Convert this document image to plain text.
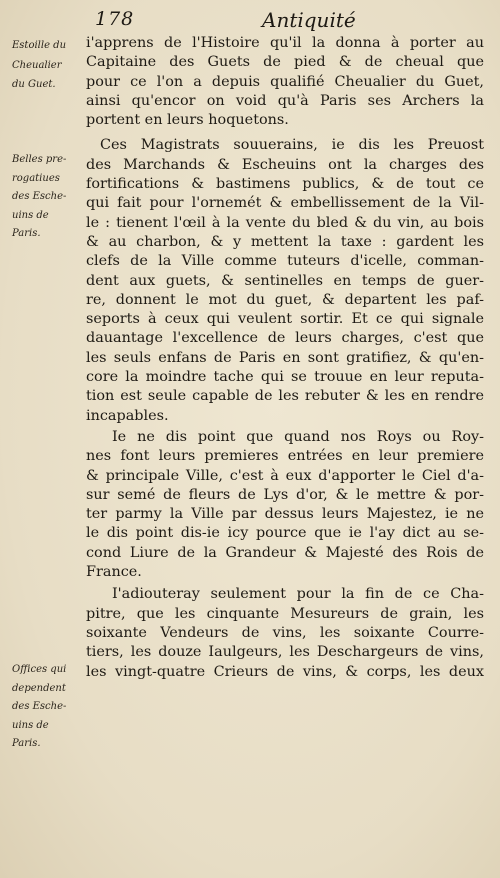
178	Antiquité
Estoille du
Cheualier
du Guet.
Belles pre-
rogatiues
des Esche-
uins de
Paris.
Offices qui
dependent
des Esche-
uins de
Paris.
i'apprens de l'Histoire qu'il la donna à porter au
Capitaine des Guets de pied & de cheual que
pour ce l'on a depuis qualifié Cheualier du Guet,
ainsi qu'encor on void qu'à Paris ses Archers la
portent en leurs hoquetons.
Ces Magistrats souuerains, ie dis les Preuost
des Marchands & Escheuins ont la charges des
fortifications & bastimens publics, & de tout ce
qui fait pour l'ornemét & embellissement de la Vil-
le : tienent l'œil à la vente du bled & du vin, au bois
& au charbon, & y mettent la taxe : gardent les
clefs de la Ville comme tuteurs d'icelle, comman-
dent aux guets, & sentinelles en temps de guer-
re, donnent le mot du guet, & departent les paf-
seports à ceux qui veulent sortir. Et ce qui signale
dauantage l'excellence de leurs charges, c'est que
les seuls enfans de Paris en sont gratifiez, & qu'en-
core la moindre tache qui se trouue en leur reputa-
tion est seule capable de les rebuter & les en rendre
incapables.
Ie ne dis point que quand nos Roys ou Roy-
nes font leurs premieres entrées en leur premiere
& principale Ville, c'est à eux d'apporter le Ciel d'a-
sur semé de fleurs de Lys d'or, & le mettre & por-
ter parmy la Ville par dessus leurs Majestez, ie ne
le dis point dis-ie icy pource que ie l'ay dict au se-
cond Liure de la Grandeur & Majesté des Rois de
France.
I'adiouteray seulement pour la fin de ce Cha-
pitre, que les cinquante Mesureurs de grain, les
soixante Vendeurs de vins, les soixante Courre-
tiers, les douze Iaulgeurs, les Deschargeurs de vins,
les vingt-quatre Crieurs de vins, & corps, les deux
